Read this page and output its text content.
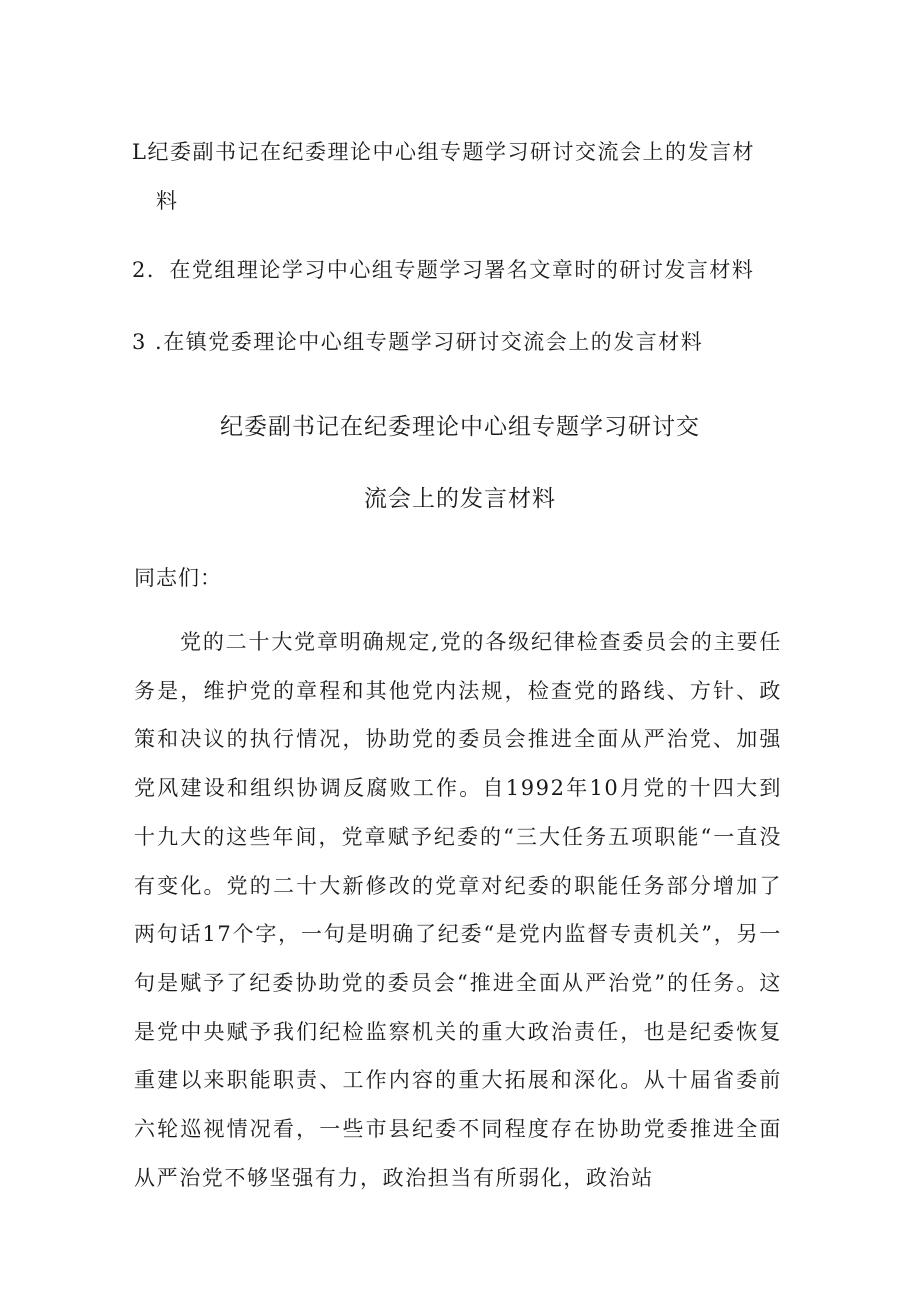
L纪委副书记在纪委理论中心组专题学习研讨交流会上的发言材
料
2．在党组理论学习中心组专题学习署名文章时的研讨发言材料
3 .在镇党委理论中心组专题学习研讨交流会上的发言材料
纪委副书记在纪委理论中心组专题学习研讨交
流会上的发言材料
同志们：
党的二十大党章明确规定,党的各级纪律检查委员会的主要任务是，维护党的章程和其他党内法规，检查党的路线、方针、政策和决议的执行情况，协助党的委员会推进全面从严治党、加强党风建设和组织协调反腐败工作。自1992年10月党的十四大到十九大的这些年间，党章赋予纪委的“三大任务五项职能“一直没有变化。党的二十大新修改的党章对纪委的职能任务部分增加了两句话17个字，一句是明确了纪委“是党内监督专责机关”，另一句是赋予了纪委协助党的委员会“推进全面从严治党”的任务。这是党中央赋予我们纪检监察机关的重大政治责任，也是纪委恢复重建以来职能职责、工作内容的重大拓展和深化。从十届省委前六轮巡视情况看，一些市县纪委不同程度存在协助党委推进全面从严治党不够坚强有力，政治担当有所弱化，政治站
